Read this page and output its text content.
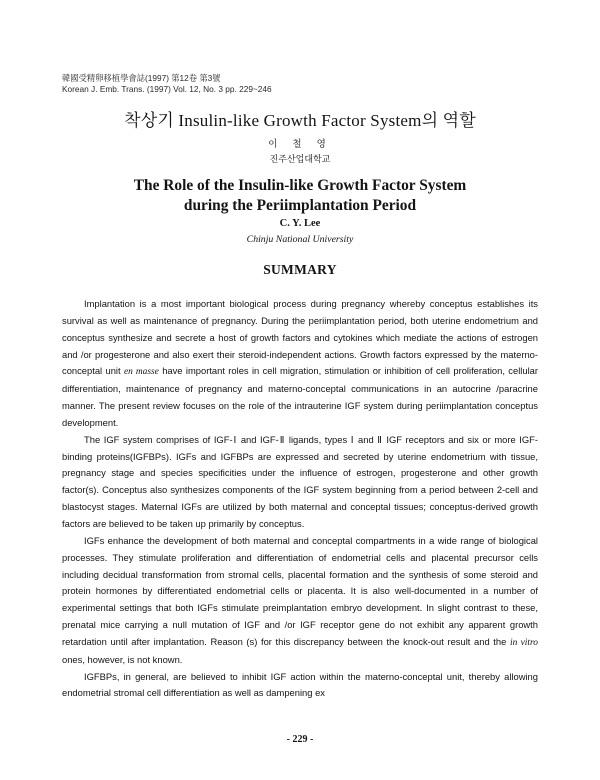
韓國受精卵移植學會誌(1997) 第12卷 第3號
Korean J. Emb. Trans. (1997) Vol. 12, No. 3 pp. 229~246
착상기 Insulin-like Growth Factor System의 역할
이 철 영
진주산업대학교
The Role of the Insulin-like Growth Factor System
during the Periimplantation Period
C. Y. Lee
Chinju National University
SUMMARY

Implantation is a most important biological process during pregnancy whereby conceptus establishes its survival as well as maintenance of pregnancy. During the periimplantation period, both uterine endometrium and conceptus synthesize and secrete a host of growth factors and cytokines which mediate the actions of estrogen and /or progesterone and also exert their steroid-independent actions. Growth factors expressed by the materno-conceptal unit en masse have important roles in cell migration, stimulation or inhibition of cell proliferation, cellular differentiation, maintenance of pregnancy and materno-conceptal communications in an autocrine /paracrine manner. The present review focuses on the role of the intrauterine IGF system during periimplantation conceptus development.

The IGF system comprises of IGF-Ⅰ and IGF-Ⅱ ligands, types Ⅰ and Ⅱ IGF receptors and six or more IGF-binding proteins(IGFBPs). IGFs and IGFBPs are expressed and secreted by uterine endometrium with tissue, pregnancy stage and species specificities under the influence of estrogen, progesterone and other growth factor(s). Conceptus also synthesizes components of the IGF system beginning from a period between 2-cell and blastocyst stages. Maternal IGFs are utilized by both maternal and conceptal tissues; conceptus-derived growth factors are believed to be taken up primarily by conceptus.

IGFs enhance the development of both maternal and conceptal compartments in a wide range of biological processes. They stimulate proliferation and differentiation of endometrial cells and placental precursor cells including decidual transformation from stromal cells, placental formation and the synthesis of some steroid and protein hormones by differentiated endometrial cells or placenta. It is also well-documented in a number of experimental settings that both IGFs stimulate preimplantation embryo development. In slight contrast to these, prenatal mice carrying a null mutation of IGF and /or IGF receptor gene do not exhibit any apparent growth retardation until after implantation. Reason (s) for this discrepancy between the knock-out result and the in vitro ones, however, is not known.

IGFBPs, in general, are believed to inhibit IGF action within the materno-conceptal unit, thereby allowing endometrial stromal cell differentiation as well as dampening ex

- 229 -
